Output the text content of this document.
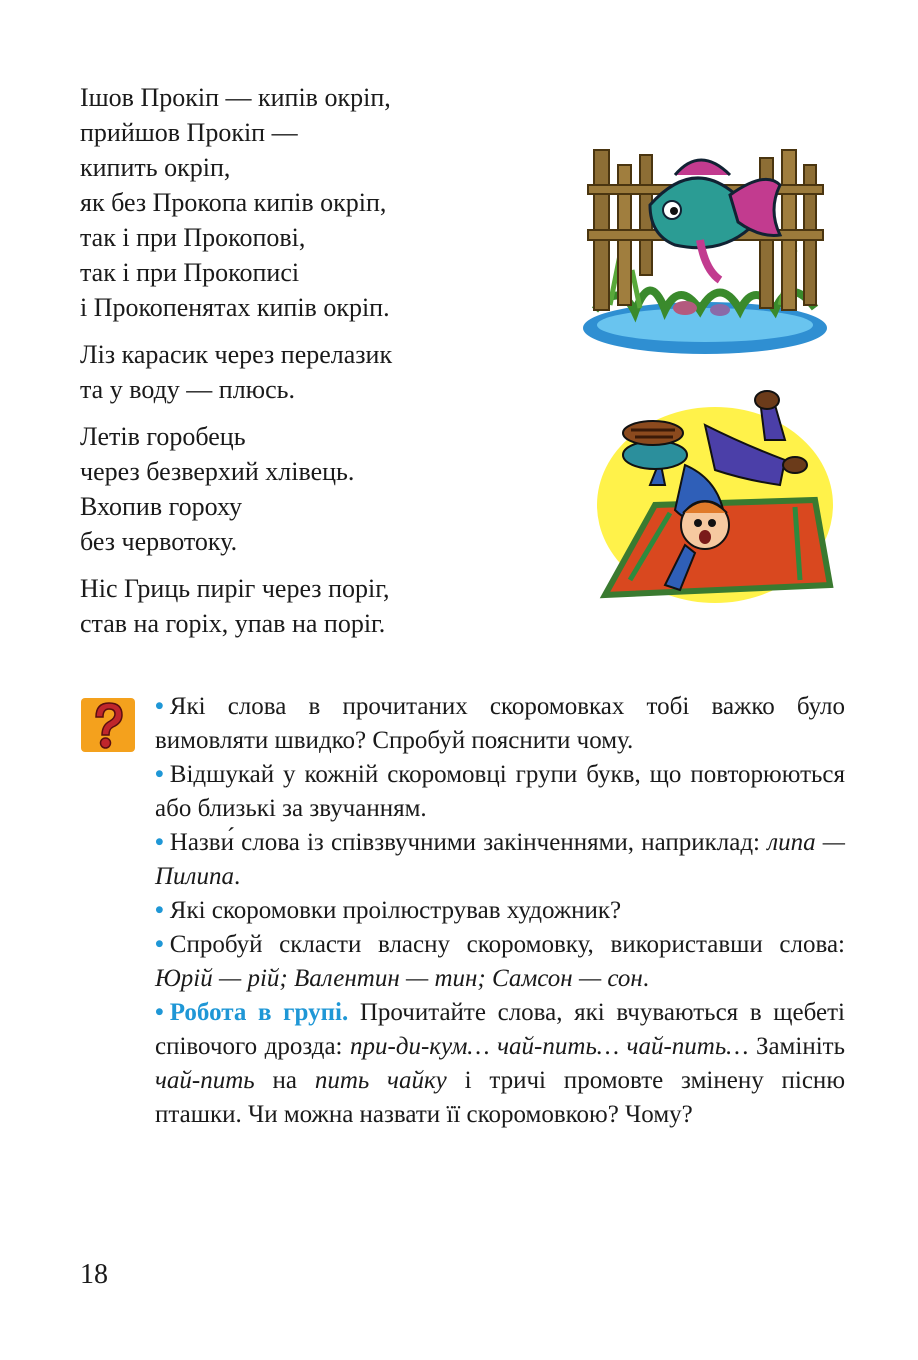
Ішов Прокіп — кипів окріп,
прийшов Прокіп —
кипить окріп,
як без Прокопа кипів окріп,
так і при Прокопові,
так і при Прокописі
і Прокопенятах кипів окріп.
Ліз карасик через перелазик
та у воду — плюсь.
Летів горобець
через безверхий хлівець.
Вхопив гороху
без червотоку.
Ніс Гриць пиріг через поріг,
став на горіх, упав на поріг.

• Які слова в прочитаних скоромовках тобі важко було вимовляти швидко? Спробуй пояснити чому.

• Відшукай у кожній скоромовці групи букв, що повторюються або близькі за звучанням.

• Назви́ слова із співзвучними закінченнями, наприклад: липа — Пилипа.

• Які скоромовки проілюстрував художник?

• Спробуй скласти власну скоромовку, використавши слова: Юрій — рій; Валентин — тин; Самсон — сон.

• Робота в групі. Прочитайте слова, які вчуваються в щебеті співочого дрозда: при-ди-кум… чай-пить… чай-пить… Замініть чай-пить на пить чайку і тричі промовте змінену пісню пташки. Чи можна назвати її скоромовкою? Чому?

18
